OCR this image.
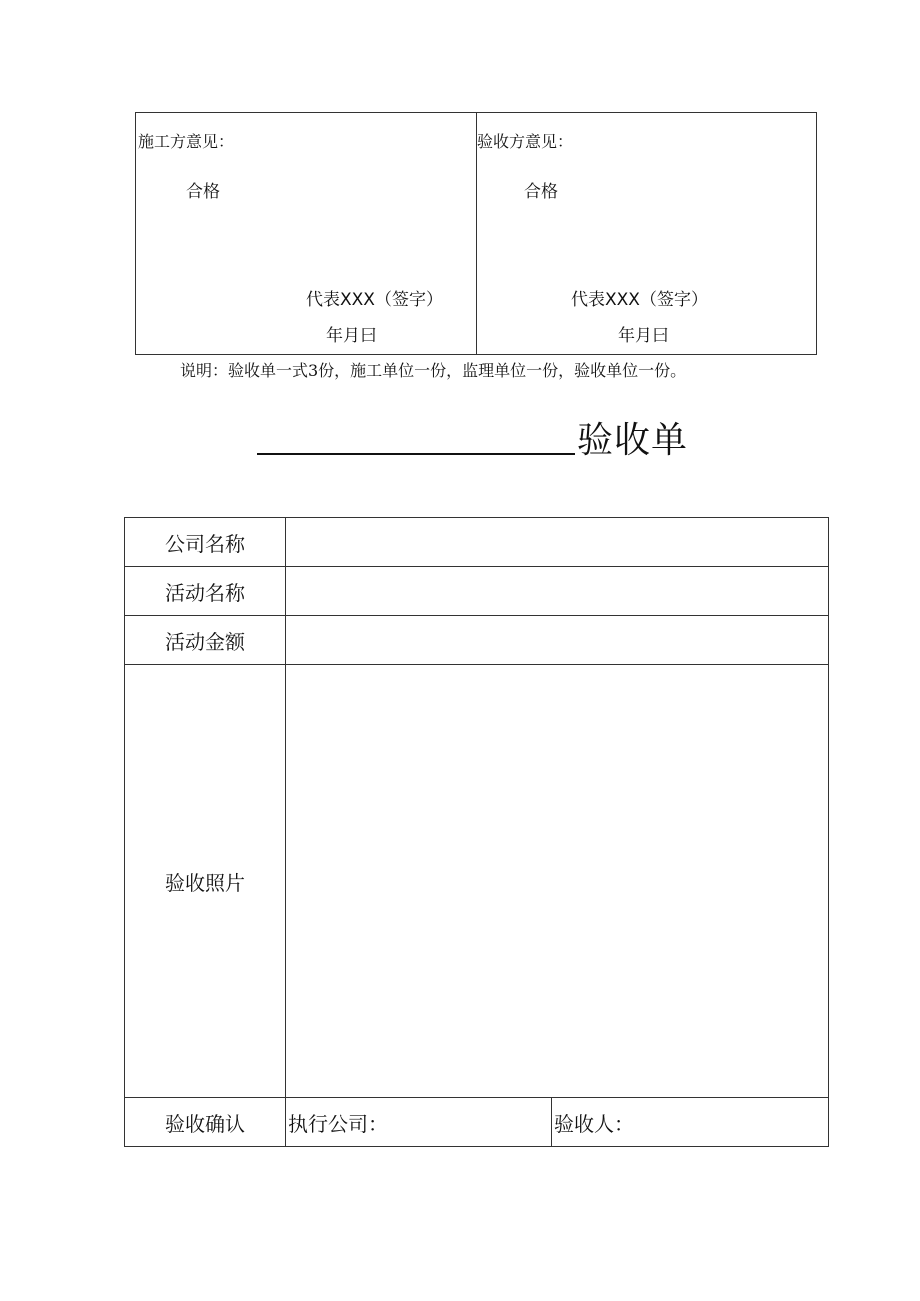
施工方意见：
合格
代表XXX（签字）
年月曰
验收方意见：
合格
代表XXX（签字）
年月曰
说明：验收单一式3份，施工单位一份，监理单位一份，验收单位一份。
验收单
公司名称	
活动名称	
活动金额	
验收照片	
验收确认	执行公司： 验收人：
